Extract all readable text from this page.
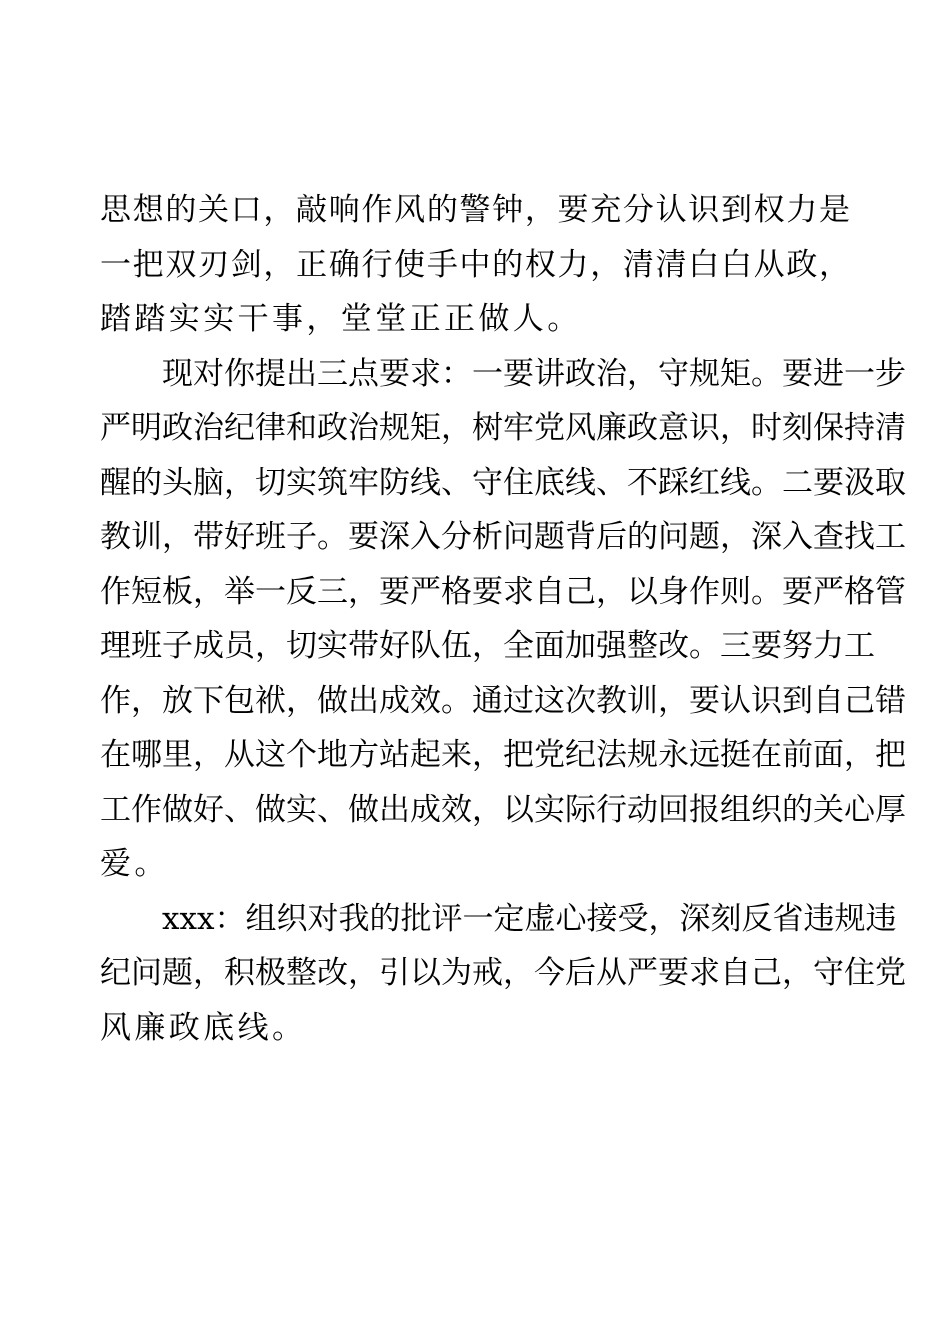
思想的关口，敲响作风的警钟，要充分认识到权力是
一把双刃剑，正确行使手中的权力，清清白白从政，
踏踏实实干事，堂堂正正做人。
现对你提出三点要求：一要讲政治，守规矩。要进一步
严明政治纪律和政治规矩，树牢党风廉政意识，时刻保持清
醒的头脑，切实筑牢防线、守住底线、不踩红线。二要汲取
教训，带好班子。要深入分析问题背后的问题，深入查找工
作短板，举一反三，要严格要求自己，以身作则。要严格管
理班子成员，切实带好队伍，全面加强整改。三要努力工
作，放下包袱，做出成效。通过这次教训，要认识到自己错
在哪里，从这个地方站起来，把党纪法规永远挺在前面，把
工作做好、做实、做出成效，以实际行动回报组织的关心厚
爱。
xxx：组织对我的批评一定虚心接受，深刻反省违规违
纪问题，积极整改，引以为戒，今后从严要求自己，守住党
风廉政底线。
